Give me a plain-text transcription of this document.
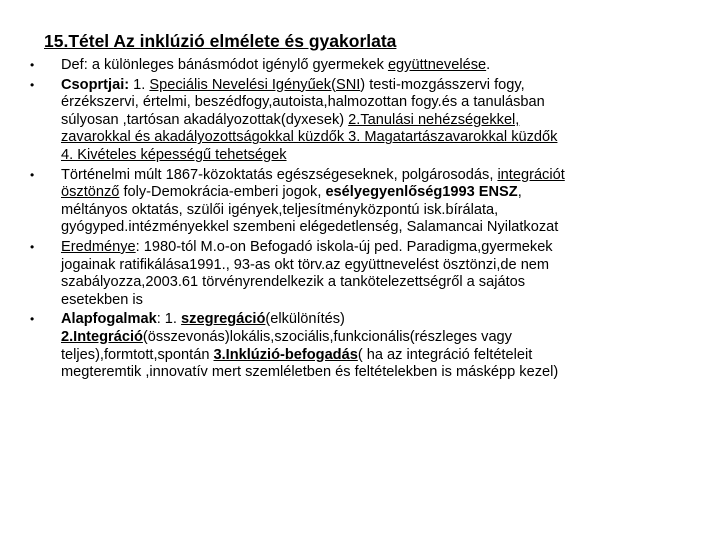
15.Tétel Az inklúzió elmélete és gyakorlata
• Def: a különleges bánásmódot igénylő gyermekek együttnevelése.
• Csoprtjai: 1. Speciális Nevelési Igényűek(SNI) testi-mozgásszervi fogy,
érzékszervi, értelmi, beszédfogy,autoista,halmozottan fogy.és a tanulásban
súlyosan ,tartósan akadályozottak(dyxesek) 2.Tanulási nehézségekkel,
zavarokkal és akadályozottságokkal küzdők 3. Magatartászavarokkal küzdők
4. Kivételes képességű tehetségek
• Történelmi múlt 1867-közoktatás egészségeseknek, polgárosodás, integrációt
ösztönző foly-Demokrácia-emberi jogok, esélyegyenlőség1993 ENSZ,
méltányos oktatás, szülői igények,teljesítményközpontú isk.bírálata,
gyógyped.intézményekkel szembeni elégedetlenség, Salamancai Nyilatkozat
• Eredménye: 1980-tól M.o-on Befogadó iskola-új ped. Paradigma,gyermekek
jogainak ratifikálása1991., 93-as okt törv.az együttnevelést ösztönzi,de nem
szabályozza,2003.61 törvényrendelkezik a tankötelezettségről a sajátos
esetekben is
• Alapfogalmak: 1. szegregáció(elkülönítés)
2.Integráció(összevonás)lokális,szociális,funkcionális(részleges vagy
teljes),formtott,spontán 3.Inklúzió-befogadás( ha az integráció feltételeit
megteremtik ,innovatív mert szemléletben és feltételekben is másképp kezel)
